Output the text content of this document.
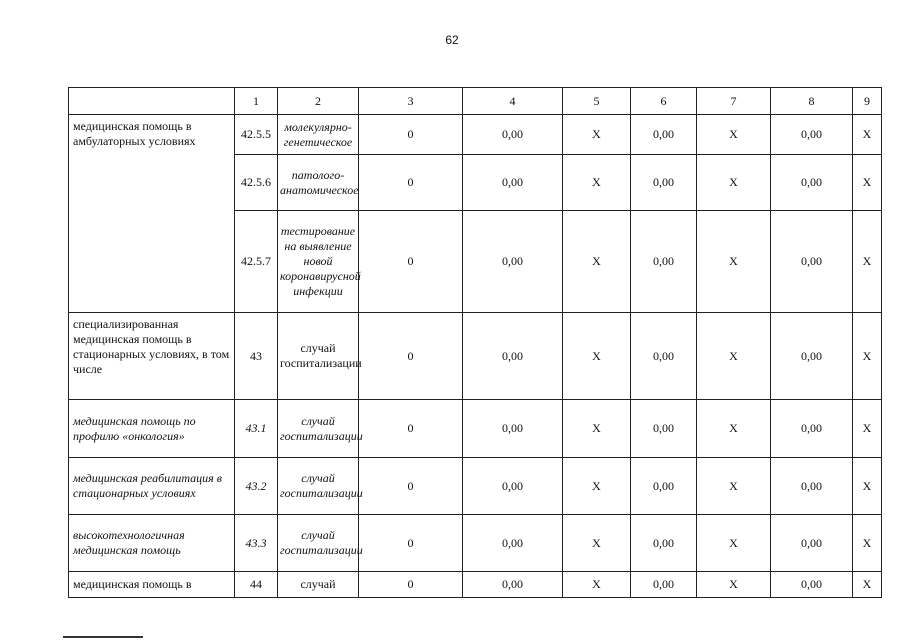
62
	1	2	3	4	5	6	7	8	9
медицинская помощь в амбулаторных условиях	42.5.5	молекулярно-генетическое	0	0,00	X	0,00	X	0,00	X
	42.5.6	патолого-анатомическое	0	0,00	X	0,00	X	0,00	X
	42.5.7	тестирование на выявление новой коронавирусной инфекции	0	0,00	X	0,00	X	0,00	X
специализированная медицинская помощь в стационарных условиях, в том числе	43	случай госпитализации	0	0,00	X	0,00	X	0,00	X
медицинская помощь по профилю «онкология»	43.1	случай госпитализации	0	0,00	X	0,00	X	0,00	X
медицинская реабилитация в стационарных условиях	43.2	случай госпитализации	0	0,00	X	0,00	X	0,00	X
высокотехнологичная медицинская помощь	43.3	случай госпитализации	0	0,00	X	0,00	X	0,00	X
медицинская помощь в	44	случай	0	0,00	X	0,00	X	0,00	X
